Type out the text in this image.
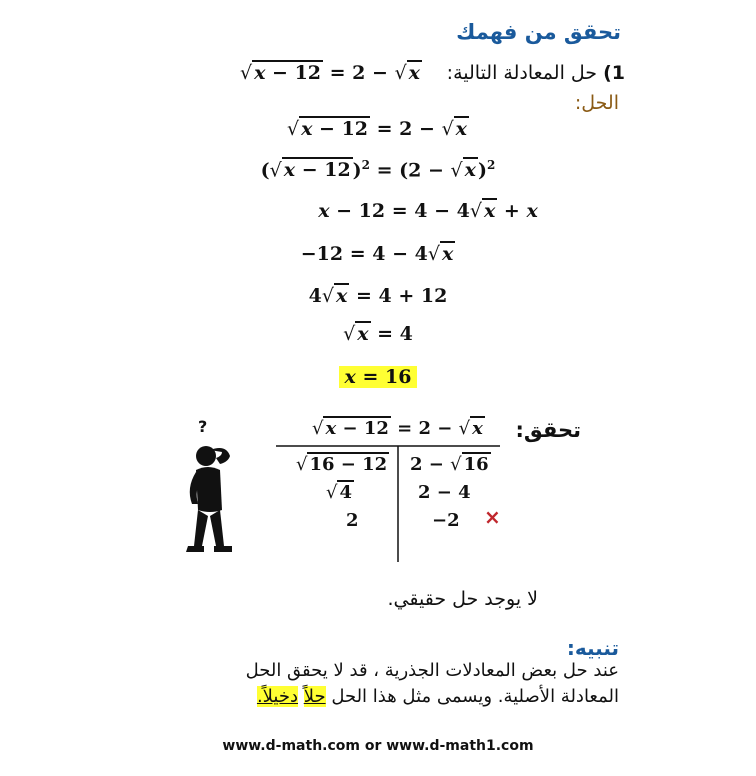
تحقق من فهمك
1) حل المعادلة التالية:
√ x − 12 = 2 − √ x
الحل:
√ x − 12 = 2 − √ x
(√ x − 12 )$^2$ = (2 − √ x )$^2$
x − 12 = 4 − 4√ x + x
−12 = 4 − 4√ x
4√ x = 4 + 12
√ x = 4
x = 16
تحقق:
√ x − 12 = 2 − √ x
√ 16 − 12 2 − √ 16
√ 4	2 − 4
2	−2 ×
?
لا يوجد حل حقيقي.
تنبيه:
عند حل بعض المعادلات الجذرية ، قد لا يحقق الحل
المعادلة الأصلية. ويسمى مثل هذا الحل حلاً دخيلاً.
www.d-math.com or www.d-math1.com
